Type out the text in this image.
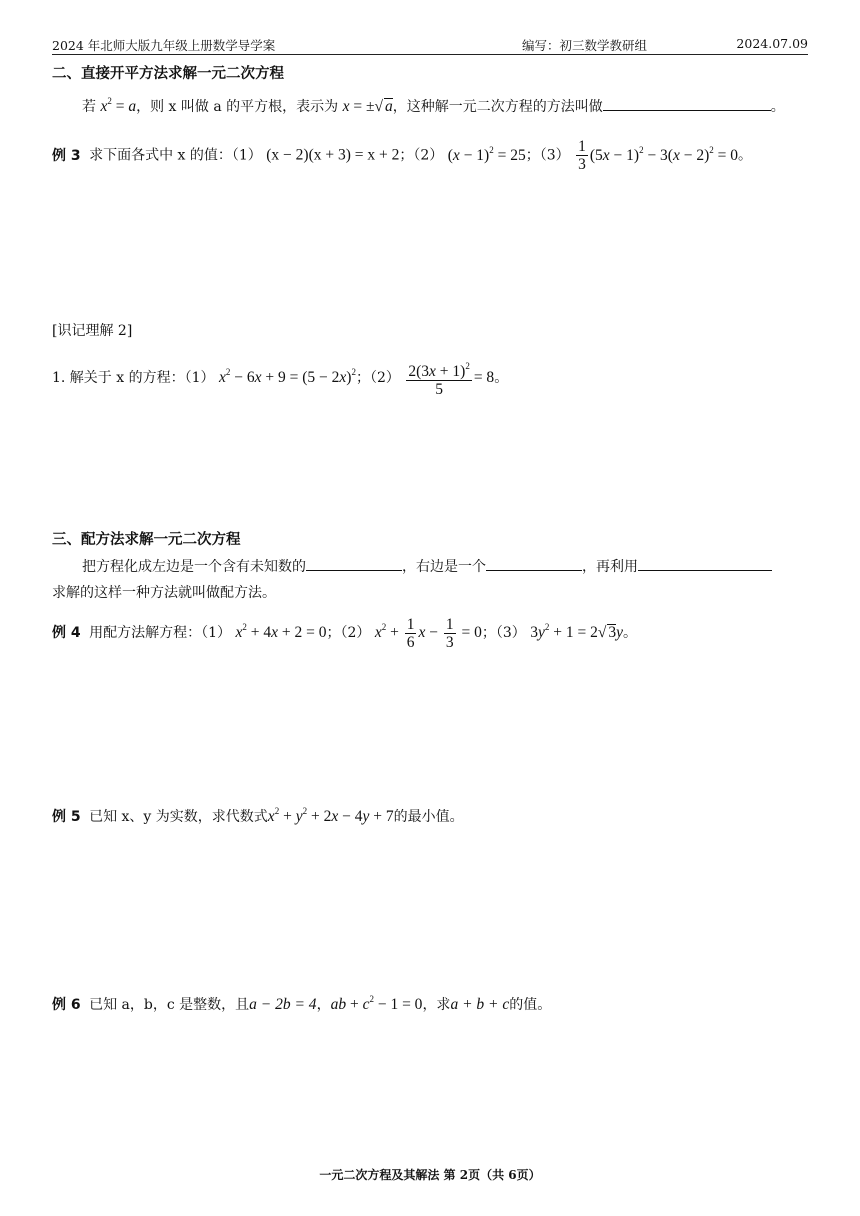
2024 年北师大版九年级上册数学导学案	编写：初三数学教研组	2024.07.09
二、直接开平方法求解一元二次方程
若 $x^2 = a$，则 x 叫做 a 的平方根，表示为 x = ±√ a，这种解一元二次方程的方法叫做	。
例 3 求下面各式中 x 的值：（1） (x − 2)(x + 3) = x + 2；（2） $(x - 1)^2 = 25$；$(3) \frac{1}{3} (5x - 1)^2 - 3(x - 2)^2 = 0$。
[识记理解 2]
1. 解关于 x 的方程：（1） $x^2 - 6x + 9 = (5 - 2x)^2$；$(2) \frac{2(3x + 1)^2}{5} = 8$。
三、配方法求解一元二次方程
把方程化成左边是一个含有未知数的	，右边是一个	，再利用
求解的这样一种方法就叫做配方法。
例 4 用配方法解方程：（1） $x^2 + 4x + 2 = 0$；（2） $x^2 + \frac{1}{6}$ $x - \frac{1}{3} = 0$；（3） $3y^2 + 1 = 2√$ 3y。
例 5 已知 x、y 为实数，求代数式$x^2 + y^2 + 2x - 4y + 7$的最小值。
例 6 已知 a，b，c 是整数，且a − 2b = 4，ab + $c^2 - 1 = 0$，求a + b + c的值。
一元二次方程及其解法 第 2页（共 6页）
